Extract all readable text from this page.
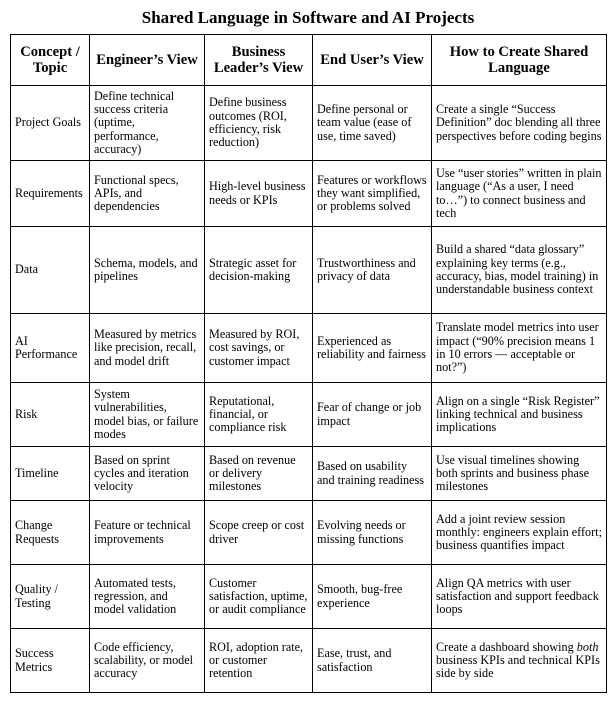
Shared Language in Software and AI Projects
Concept / Topic	Engineer’s View	Business Leader’s View	End User’s View	How to Create Shared Language
Project Goals	Define technical success criteria (uptime, performance, accuracy)	Define business outcomes (ROI, efficiency, risk reduction)	Define personal or team value (ease of use, time saved)	Create a single “Success Definition” doc blending all three perspectives before coding begins
Requirements	Functional specs, APIs, and dependencies	High-level business needs or KPIs	Features or workflows they want simplified, or problems solved	Use “user stories” written in plain language (“As a user, I need to…”) to connect business and tech
Data	Schema, models, and pipelines	Strategic asset for decision-making	Trustworthiness and privacy of data	Build a shared “data glossary” explaining key terms (e.g., accuracy, bias, model training) in understandable business context
AI Performance	Measured by metrics like precision, recall, and model drift	Measured by ROI, cost savings, or customer impact	Experienced as reliability and fairness	Translate model metrics into user impact (“90% precision means 1 in 10 errors — acceptable or not?”)
Risk	System vulnerabilities, model bias, or failure modes	Reputational, financial, or compliance risk	Fear of change or job impact	Align on a single “Risk Register” linking technical and business implications
Timeline	Based on sprint cycles and iteration velocity	Based on revenue or delivery milestones	Based on usability and training readiness	Use visual timelines showing both sprints and business phase milestones
Change Requests	Feature or technical improvements	Scope creep or cost driver	Evolving needs or missing functions	Add a joint review session monthly: engineers explain effort; business quantifies impact
Quality / Testing	Automated tests, regression, and model validation	Customer satisfaction, uptime, or audit compliance	Smooth, bug-free experience	Align QA metrics with user satisfaction and support feedback loops
Success Metrics	Code efficiency, scalability, or model accuracy	ROI, adoption rate, or customer retention	Ease, trust, and satisfaction	Create a dashboard showing both business KPIs and technical KPIs side by side
